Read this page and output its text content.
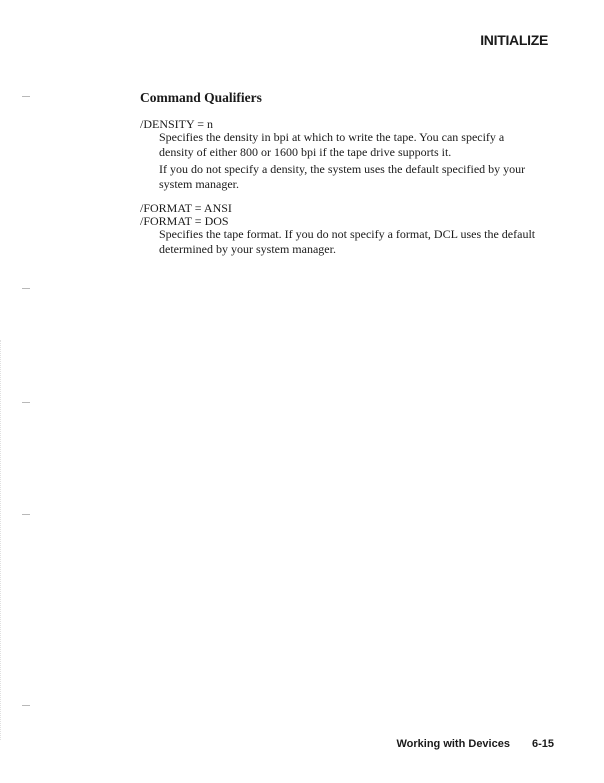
INITIALIZE
Command Qualifiers
/DENSITY = n
Specifies the density in bpi at which to write the tape. You can specify a density of either 800 or 1600 bpi if the tape drive supports it.
If you do not specify a density, the system uses the default specified by your system manager.
/FORMAT = ANSI
/FORMAT = DOS
Specifies the tape format. If you do not specify a format, DCL uses the default determined by your system manager.
Working with Devices 6-15
